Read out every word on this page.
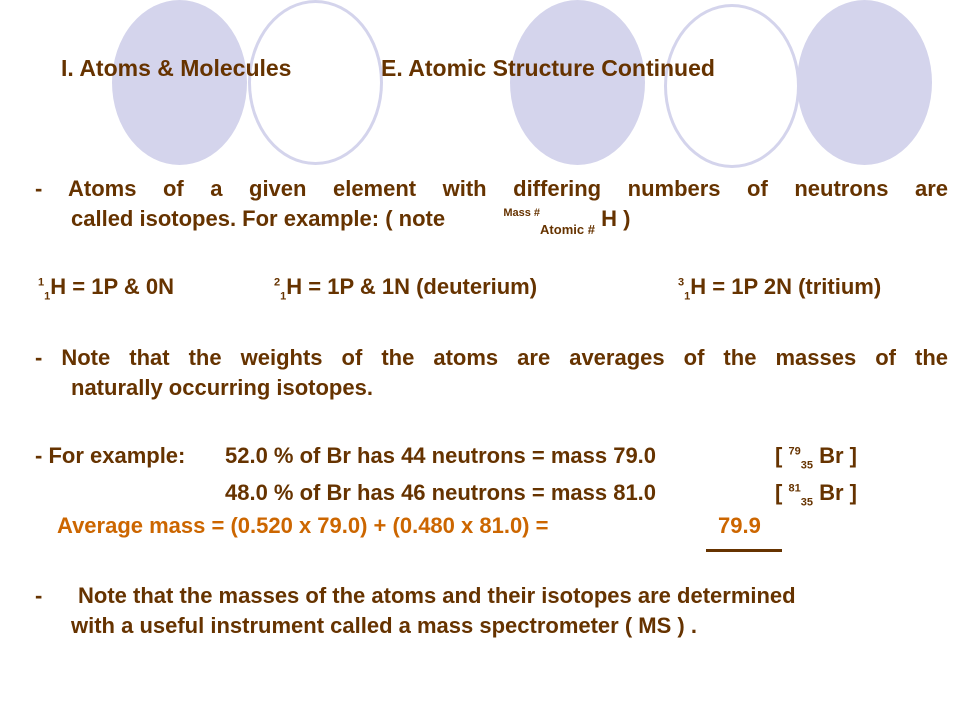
I. Atoms & Molecules	E. Atomic Structure Continued
- Atoms of a given element with differing numbers of neutrons are
called isotopes. For example: ( note	$^{Mass \#}_{Atomic \#}$ H )
$^1_1$H = 1P & 0N	$^2_1$H = 1P & 1N (deuterium)	$^3_1$H = 1P 2N (tritium)
- Note that the weights of the atoms are averages of the masses of the
naturally occurring isotopes.
- For example: 52.0 % of Br has 44 neutrons = mass 79.0	[ $^{79}_{35}$ Br ]
48.0 % of Br has 46 neutrons = mass 81.0	[ $^{81}_{35}$ Br ]
Average mass = (0.520 x 79.0) + (0.480 x 81.0) =	79.9
- Note that the masses of the atoms and their isotopes are determined
with a useful instrument called a mass spectrometer ( MS ) .
